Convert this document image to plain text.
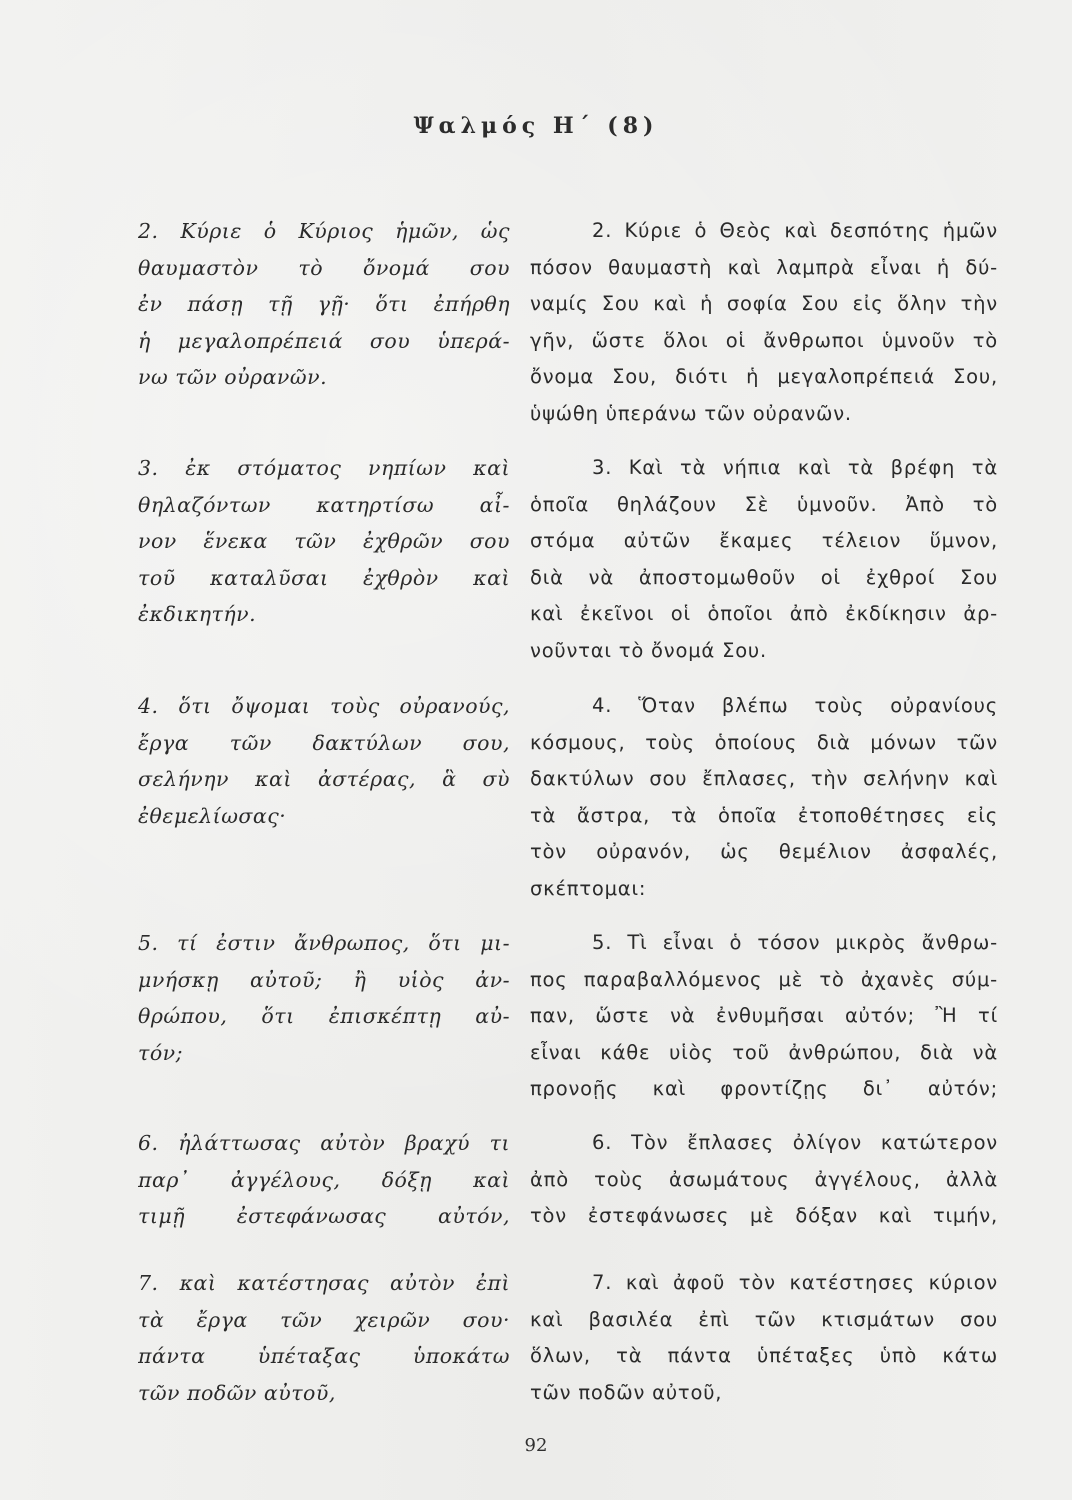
Ψαλμός Η΄ (8)
2. Κύριε ὁ Κύριος ἡμῶν, ὡς
θαυμαστὸν τὸ ὄνομά σου
ἐν πάσῃ τῇ γῇ· ὅτι ἐπήρθη
ἡ μεγαλοπρέπειά σου ὑπερά-
νω τῶν οὐρανῶν.
3. ἐκ στόματος νηπίων καὶ
θηλαζόντων κατηρτίσω αἶ-
νον ἕνεκα τῶν ἐχθρῶν σου
τοῦ καταλῦσαι ἐχθρὸν καὶ
ἐκδικητήν.
4. ὅτι ὄψομαι τοὺς οὐρανούς,
ἔργα τῶν δακτύλων σου,
σελήνην καὶ ἀστέρας, ἃ σὺ
ἐθεμελίωσας·
5. τί ἐστιν ἄνθρωπος, ὅτι μι-
μνήσκῃ αὐτοῦ; ἢ υἱὸς ἀν-
θρώπου, ὅτι ἐπισκέπτῃ αὐ-
τόν;
6. ἠλάττωσας αὐτὸν βραχύ τι
παρ᾽ ἀγγέλους, δόξῃ καὶ
τιμῇ ἐστεφάνωσας αὐτόν,
7. καὶ κατέστησας αὐτὸν ἐπὶ
τὰ ἔργα τῶν χειρῶν σου·
πάντα ὑπέταξας ὑποκάτω
τῶν ποδῶν αὐτοῦ,
2. Κύριε ὁ Θεὸς καὶ δεσπότης ἡμῶν
πόσον θαυμαστὴ καὶ λαμπρὰ εἶναι ἡ δύ-
ναμίς Σου καὶ ἡ σοφία Σου εἰς ὅλην τὴν
γῆν, ὥστε ὅλοι οἱ ἄνθρωποι ὑμνοῦν τὸ
ὄνομα Σου, διότι ἡ μεγαλοπρέπειά Σου,
ὑψώθη ὑπεράνω τῶν οὐρανῶν.
3. Καὶ τὰ νήπια καὶ τὰ βρέφη τὰ
ὁποῖα θηλάζουν Σὲ ὑμνοῦν. Ἀπὸ τὸ
στόμα αὐτῶν ἔκαμες τέλειον ὕμνον,
διὰ νὰ ἀποστομωθοῦν οἱ ἐχθροί Σου
καὶ ἐκεῖνοι οἱ ὁποῖοι ἀπὸ ἐκδίκησιν ἀρ-
νοῦνται τὸ ὄνομά Σου.
4. Ὅταν βλέπω τοὺς οὐρανίους
κόσμους, τοὺς ὁποίους διὰ μόνων τῶν
δακτύλων σου ἔπλασες, τὴν σελήνην καὶ
τὰ ἄστρα, τὰ ὁποῖα ἐτοποθέτησες εἰς
τὸν οὐρανόν, ὡς θεμέλιον ἀσφαλές,
σκέπτομαι:
5. Τὶ εἶναι ὁ τόσον μικρὸς ἄνθρω-
πος παραβαλλόμενος μὲ τὸ ἀχανὲς σύμ-
παν, ὥστε νὰ ἐνθυμῆσαι αὐτόν; Ἢ τί
εἶναι κάθε υἱὸς τοῦ ἀνθρώπου, διὰ νὰ
προνοῇς καὶ φροντίζῃς δι᾽ αὐτόν;
6. Τὸν ἔπλασες ὀλίγον κατώτερον
ἀπὸ τοὺς ἀσωμάτους ἀγγέλους, ἀλλὰ
τὸν ἐστεφάνωσες μὲ δόξαν καὶ τιμήν,
7. καὶ ἀφοῦ τὸν κατέστησες κύριον
καὶ βασιλέα ἐπὶ τῶν κτισμάτων σου
ὅλων, τὰ πάντα ὑπέταξες ὑπὸ κάτω
τῶν ποδῶν αὐτοῦ,
92
